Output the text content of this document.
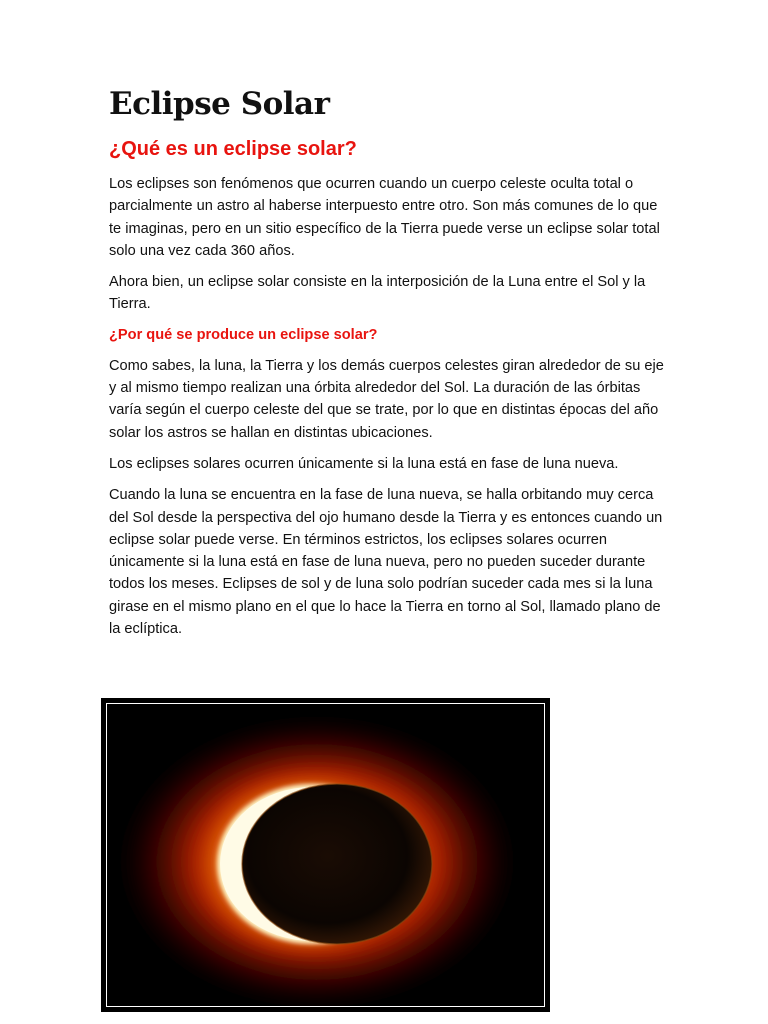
Eclipse Solar
¿Qué es un eclipse solar?

Los eclipses son fenómenos que ocurren cuando un cuerpo celeste oculta total o parcialmente un astro al haberse interpuesto entre otro. Son más comunes de lo que te imaginas, pero en un sitio específico de la Tierra puede verse un eclipse solar total solo una vez cada 360 años.

Ahora bien, un eclipse solar consiste en la interposición de la Luna entre el Sol y la Tierra.

¿Por qué se produce un eclipse solar?

Como sabes, la luna, la Tierra y los demás cuerpos celestes giran alrededor de su eje y al mismo tiempo realizan una órbita alrededor del Sol. La duración de las órbitas varía según el cuerpo celeste del que se trate, por lo que en distintas épocas del año solar los astros se hallan en distintas ubicaciones.

Los eclipses solares ocurren únicamente si la luna está en fase de luna nueva.

Cuando la luna se encuentra en la fase de luna nueva, se halla orbitando muy cerca del Sol desde la perspectiva del ojo humano desde la Tierra y es entonces cuando un eclipse solar puede verse. En términos estrictos, los eclipses solares ocurren únicamente si la luna está en fase de luna nueva, pero no pueden suceder durante todos los meses. Eclipses de sol y de luna solo podrían suceder cada mes si la luna girase en el mismo plano en el que lo hace la Tierra en torno al Sol, llamado plano de la eclíptica.
